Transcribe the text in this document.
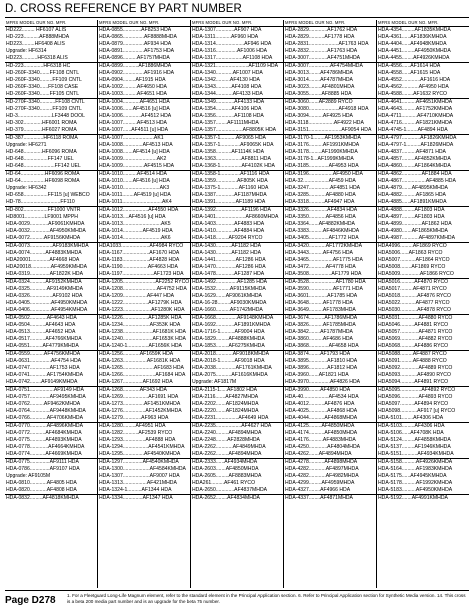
D. CROSS REFERENCE BY PART NUMBER
MFRS MODEL OUR NO. MFR.
HD222......... HF6107 ALIS
HD-223...........AF888MHDA
HD223.........HF6408 ALIS
Upgrade: HF6314
HD223...........HF6318 ALIS
HD-223..............HF6318 HC
HD-260F-3340.......FF108 CNTL
HD-260F-3340.........FF109 CNTL
HD-260F-3340......FF108 CASE
HD-260F-3340.......FF105 CNTL
HD-270F-3340...........FF108 CNTL
HD-270F-3340.........FF109 CNTL
HD-3........................LF3448 DOOL
HD-302.............HF6001 ROMA
HD-379.............HF6027 ROMA
HD-387..............HF6118 ROMA
Upgrade: HF6271
HD-648.............HF6096 ROMA
HD-648.................FF147 UEL
HD-648......................FF142 UEL
HD-64.................HF6096 ROMA
HD-64.................HF6098 ROMA
Upgrade: HF6342
HD-658.................FF115 [u] WEBCO
HD-78............................FF110
HD-802.................FF1000 VNTR
HD8001..............LF9001 MPPH
HDA-0029.............AF9061KMHDA
HDA-0032..............AF4950KMHDA
HDA-0072..........AF9156KMHDA
HDA-0073................AF9183KMHDA
HDA-0074...........AF4883KMHDA
HDA20001.............AF4668 HDA
HDA20018..............AF4959KMHDA
HDA-0319..............AF1822K HDA
HDA-0324...........AF9152KMHDA
HDA-0325............AF9149KMHDA
HDA-0326................AF9102 HDA
HDA-0405...............AF4950KMHDA
HDA-0406...............AF4954KMHDA
HDA-0502............AF4643 HDA
HDA-0504...........AF4643 HDA
HDA-0513...........AF4652 HDA
HDA-0517...........AF4766KMHDA
HDA-0551.........AF4779KMHDA
HDA-0559..........AF4756KMHDA
HDA-0631...............AF4754 HDA
HDA-0747..............AF1753 HDA
HDA-0741............AF1754KMHDA
HDA-0742........AF9149KMHDA
HDA-0751.................AF9149 HDA
HDA-0757..............AF9495KMHDA
HDA-0762..........AF9462KMHDA
HDA-0764..............AF9448KMHDA
HDA-0766............AF4706KMHDA
HDA-0770............AF4896KMHDA
HDA-0772...........AF4684KMHDA
HDA-0775...........AF4893KMHDA
HDA-0778.............AF4664KMHDA
HDA-0774...........AF4669KMHDA
HDA-0775..............AF9111 HDA
HDA-0786..............AF9107 HDA
Upgrade: AF9105M
HDA-0810............AF4805 HDA
HDA-0820............AF4808 HDA
HDA-0832.........AF4818KMHDA
MFRS MODEL OUR NO. MFR.
HDA-0855.............AF8253 HDA
HDA-0865...............AF8888MHDA
HDA-0879...............AF934 HDA
HDA-0891...............AF1753 HDA
HDA-0896..........AF1757MHDA
HDA-0899...........AF1886MHDA
HDA-0902...............AF1916 HDA
HDA-0904.........AF1915 HDA
HDA-1002..........AF4650 HDA
HDA-1003..........AF4651 HDA
HDA-1004............AF4651 HDA
HDA-1006.......AF4516 [u] HDA
HDA-1006.............AF4512 HDA
HDA-1007..........AF4513 HDA
HDA-1007......AF4511 [u] HDA
HDA-1007......................AK1
HDA-1008..............AF4513 HDA
HDA-1008.......AF4514 [u] HDA
HDA-1009........................AK2
HDA-1009...............AF4515 HDA
HDA-1010..........AF4514 HDA
HDA-1010.......AF4516 [u] HDA
HDA-1010..........................AK3
HDA-1011........AF4519 [u] HDA
HDA-1011............................AK4
HDA-1012..................AF4550 HDA
HDA-1013....AF4516 [u] HDA
HDA-1013...........................AK5
HDA-1014..............AF4519 HDA
HDA-1014...........................AK6
HDA1033....................AF4984 RYCO
HDA-1167...................AF1670 HDA
HDA-1183...................AF4828 HDA
HDA-1190..................AF4663 HDA
HDA-1197......................AF1723 HDA
HDA-1205.......................AF2252 RYCO
HDA-1208........................AF4752 HDA
HDA-1209.................AF447 HDA
HDA-1222..................AF1279K HDA
HDA-1223....................AF1280K HDA
HDA-1226..................AF1285K HDA
HDA-1234...................AF353K HDA
HDA-1238.....................AF1681K HDA
HDA-1240.....................AF1653K HDA
HDA-1240-1...............AF1656K HDA
HDA-1256............AF1659K HDA
HDA-1263.................AF1681K HDA
HDA-1265......................AF1683 HDA
HDA-1266.......................AF1684 HDA
HDA-1267..............AF1692 HDA
HDA-1268............AF343 HDA
HDA-1269..................AF1691 HDA
HDA-1273...............AF1451KMHDA
HDA-1276................AF1452KMHDA
HDA-1279.............AF963 HDA
HDA-1280.........AF4951 HDA
HDA-1282...........AF2539 RYCO
HDA-1293................AF4888 HDA
HDA-1294..................AF4541KMHDA
HDA-1295...............AF4540KMHDA
HDA-1297..............AF4540KMHDA
HDA-1300...................AF4584KMHDA
HDA-1307...................AF9007 HDA
HDA-1313.................AF421MHDA
HDA-1324-1..........AF1344 HDA
HDA-1334..............AF1347 HDA
MFRS MODEL OUR NO. MFR.
HDA-1307.............AF907 HDA
HDA-1311...........AF960 HDA
HDA-1314....................AF946 HDA
HDA-1316...............AF1006 HDA
HDA-1317...................AF1108 HDA
HDA-1321.......................AF1109 HDA
HDA-1340............AF1007 HDA
HDA-1342..........AF4130 HDA
HDA-1343...........AF4108 HDA
HDA-1344............AF4133 HDA
HDA-1349.............AF4133 HDA
HDA-1354...........AF4106 HDA
HDA-1356.............AF1108 HDA
HDA-1357........AF1111MHDA
HDA-1357...................AF8805K HDA
HDA-1357-1...........AF9065 HDA
HDA-1357-1..............AF9065K HDA
HDA-1358...........AF1114K HDA
HDA-1363..................AF8811 HDA
HDA-1368-1...............AF4102K HDA
HDA-1358-1..............AF1116 HDA
HDA-1359...............AF805K HDA
HDA-1375-1.............AF1160 HDA
HDA-1387.............AF1187MHDA
HDA-1391..............AF1189 HDA
HDA-1392..................AF1196 HDA
HDA-1401.....................AF8660MHDA
HDA-1403.............AF4883 HDA
HDA-1410.............AF4884 HDA
HDA-1418.........AF9204 RYCO
HDA-1430...........AF1182 HDA
HDA-1430...........AF1182 HDA
HDA-1441..............AF1286 HDA
HDA-1470..............AF1286 HDA
HDA-1478.............AF1287 HDA
HDA-1492...............AF1285 HDA
HDA-1532..........AF9115KMHDA
HDA-1629.......AF9061KMHDA
HDA-16-28.........AF9030KMHDA
HDA-1660..........AF1742MHDA
HDA-1668...............AF9148KMHDA
HDA-1692.............AF1891KMHDA
HDA-1716-1..........AF9004 HDA
HDA-1829.........AF4888KMHDA
HDA-1853.........AF6275KMHDA
HDA-2018............AF9018KMHDA
HDA-2018-1..........AF9018 HDA
HDA-2038..............AF1761KMHDA
HDA-2075...........AF1616KMHDA
Upgrade: AF1817M
HDA-2115-1.....AF1802 HDA
HDA-2116.......AF4827MHDA
HDA-2202.......AF1824MHDA
HDA-2220.......AF1824MHDA
HDA-2231................AF4649 HDA
HDA-2235..................AF4627 HDA
HDA-2240.........AF4894MHDA
HDA-2248........AF2828MHDA
HDA-2262............AF4849MHDA
HDA-2262.........AF4894MHDA
HDA-2333......AF4934MHDA
HDA-2603.......AF4850MHDA
HDA-2605.........AF8883MHDA
HDA261.........AF461 RYCO
HDA-2650.............AF4837MHDA
HDA-2652........AF4834MHDA
MFRS MODEL OUR NO. MFR.
HDA-2829.............AF1762 HDA
HDA-2829...........AF1778 HDA
HDA-2831.....................AF1763 HDA
HDA-2832.............AF1763 HDA
HDA-3007.............AF4751MHDA
HDA-3007...............AF4754MHDA
HDA-3013........AF4786MHDA
HDA-3014........AF4787MHDA
HDA-3023.........AF4801MHDA
HDA-3055.........AF8885 HDA
HDA-3060.......AF2889 RYCO
HDA-3080.....................AF4918 HDA
HDA-3094..........AF4925 HDA
HDA-3118..................AF4922 HDA
HDA-3151.......................AF9054 HDA
HDA-3170-1........AF1953KMHDA
HDA-3176..........AF1991KMHDA
HDA-3178.........AF1990KMHDA
HDA-3178-1...AF1999KMHDA
HDA-3185..............AF4953 HDA
HDA-3196.................AF4950 HDA
HDA-32..................AF459 HDA
HDA-3247...............AF4851 HDA
HDA-3285............AF4880 HDA
HDA-3318...........AF4947 HDA
HDA-3326.............AF4834 HDA
HDA-3350............AF4856 HDA
HDA-3364.......AF4882KMHDA
HDA-3383..........AF4846KMHDA
HDA-3405..............AF1772 HDA
HDA-3420............AF1772KMHDA
HDA-3443..........AF4756 HDA
HDA-3465.................AF1775 HDA
HDA-3472............AF4778 HDA
HDA-3508................AF1779 HDA
HDA-3528...................AF1780 HDA
HDA-3590.................AF1771 HDA
HDA-3601.............AF1785 HDA
HDA-3648..........AF1778 HDA
HDA-3649..........AF1783MHDA
HDA-3674...........AF1786MHDA
HDA-3826..........AF1785MHDA
HDA-3842........AF1787MHDA
HDA-3860..........AF4686 HDA
HDA-3868..............AF4658 HDA
HDA-3874........AF1793 HDA
HDA-3895.............AF1810 HDA
HDA-3896.............AF1812 HDA
HDA-3960.......AF1821 HDA
HDA-3970...............AF4826 HDA
HDA-3990........AF4850 HDA
HDA-40..................AF4534 HDA
HDA-4012...........AF4876 HDA
HDA-4025.............AF4868 HDA
HDA-4044...........AF4868MHDA
HDA-4125.........AF4850MHDA
HDA-4174...........AF4850MHDA
HDA-4176..........AF4883MHDA
HDA-4250.............AF4804MHDA
HDA-4262.......AF4894MHDA
HDA-4278...........AF4898MHDA
HDA-4282............AF4897MHDA
HDA-4282............AF4982MHDA
HDA-4299.........AF4959MHDA
HDA-4327........AF4966 HDA
HDA-4337........AF4871MHDA
MFRS MODEL OUR NO. MFR.
HDA-4354.........AF1835KMHDA
HDA-4361......AF1836KMHDA
HDA-4404......AF4948KMHDA
HDA-4451.........AF4950KMHDA
HDA-4455........AF4926KMHDA
HDA-4556......AF1614 HDA
HDA-4558......AF1615 HDA
HDA-4552.............AF1616 HDA
HDA-4562............AF4950 HDA
HDA-4588........AF1632 RYCO
HDA-4641..........AF4651KMHDA
HDA-4643..........AF1752KMHDA
HDA-4711...........AF4710KMHDA
HDA-4716..........AF1821KMHDA
HDA-4745-1........AF4894 HDA
HDA-4797.............AF1826KMHDA
HDA-4797-1..........AF1826MHDA
HDA-4837..........AF4871 HDA
HDA-4857.........AF4852KMHDA
HDA-4860.........AF1864KMHDA
HDA-4862..............AF1884 HDA
HDA-4867.................AF4885 HDA
HDA-4879.......AF4895KMHDA
HDA-4882..........AF1865 HDA
HDA-4885......AF1891KMHDA
HDA-4888.........AF1803 HDA
HDA-4897.........AF1803 HDA
HDA-4899..............AF1862 HDA
HDA-4980.......AF1865KMHDA
HDA-4987............AF4897KMHDA
HDA4996.........AF1869 RYCO
HDA5006......AF1863 RYCO
HDA5007...........AF1864 RYCO
HDA5008........AF1869 RYCO
HDA5009..............AF1866 RYCO
HDA5016..........AF4870 RYCO
HDA5017.........AF4871 RYCO
HDA5018............AF4876 RYCO
HDA5022...........AF4877 RYCO
HDA5030............AF4878 RYCO
HDA5031.............AF4880 RYCO
HDA5046..........AF4881 RYCO
HDA5057.............AF4871 RYCO
HDA5069.............AF4882 RYCO
HDA5068..........AF4886 RYCO
HDA5088.........AF4887 RYCO
HDA5091.........AF4888 RYCO
HDA5092.............AF4889 RYCO
HDA5093............AF4890 RYCO
HDA5094..........AF4891 RYCO
HDA5095...............AF4892 RYCO
HDA5096.............AF4893 RYCO
HDA5097..........AF4894 RYCO
HDA5098............AF917 [u] RYCO
HDA-5101........AF4306 HDA
HDA-5103.........AF4306 HDA
HDA-5106......AF4708K HDA
HDA-5124.........AF4858KMHDA
HDA-5137.........AF1946KMHDA
HDA-5151...........AF4934KMHDA
HDA-5158..........AF4926KMHDA
HDA-5164..........AF1983KMHDA
HDA-5175......AF4945KMHDA
HDA-5178..........AF1992KMHDA
HDA-5183..........AF4950KMHDA
HDA-5192.......AF4991KMHDA
Page D278 1. For a Fleetguard Long-Life Magnum element, refer to the standard element in the Principal Application section. 6. Refer to Principal Application section for Synthetic Media version. 14. This cross is a beta 200 media part number and is an upgrade for the beta 75 number.
